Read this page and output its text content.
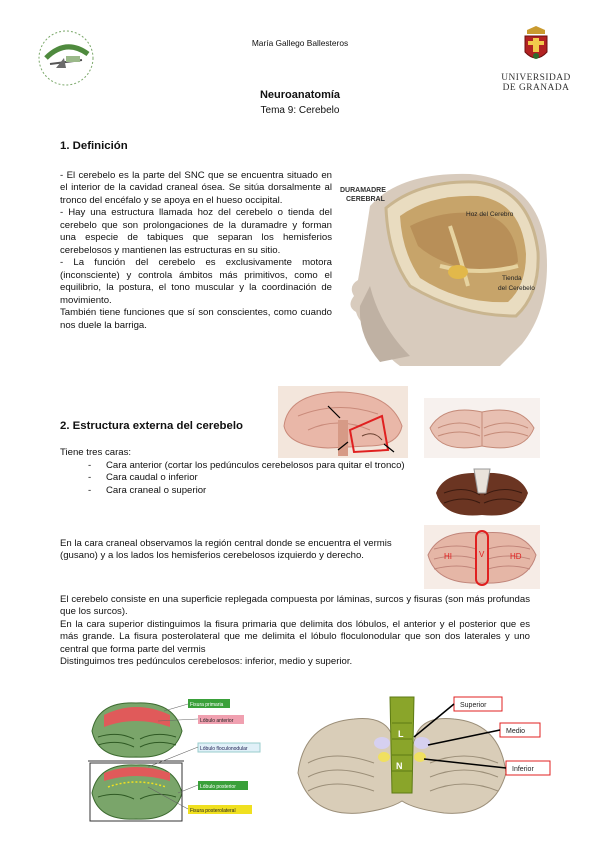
María Gallego Ballesteros
UNIVERSIDAD
DE GRANADA
Neuroanatomía
Tema 9: Cerebelo
1. Definición

- El cerebelo es la parte del SNC que se encuentra situado en el interior de la cavidad craneal ósea. Se sitúa dorsalmente al tronco del encéfalo y se apoya en el hueso occipital.

- Hay una estructura llamada hoz del cerebelo o tienda del cerebelo que son prolongaciones de la duramadre y forman una especie de tabiques que separan los hemisferios cerebelosos y mantienen las estructuras en su sitio.

- La función del cerebelo es exclusivamente motora (inconsciente) y controla ámbitos más primitivos, como el equilibrio, la postura, el tono muscular y la coordinación de movimiento.

También tiene funciones que sí son conscientes, como cuando nos duele la barriga.

DURAMADRE
CEREBRAL
Hoz del Cerebro
Tienda
del Cerebelo
2. Estructura externa del cerebelo
HI	V	HD
Tiene tres caras:
- Cara anterior (cortar los pedúnculos cerebelosos para quitar el tronco)
- Cara caudal o inferior
- Cara craneal o superior
En la cara craneal observamos la región central donde se encuentra el vermis (gusano) y a los lados los hemisferios cerebelosos izquierdo y derecho.

El cerebelo consiste en una superficie replegada compuesta por láminas, surcos y fisuras (son más profundas que los surcos).

En la cara superior distinguimos la fisura primaria que delimita dos lóbulos, el anterior y el posterior que es más grande. La fisura posterolateral que me delimita el lóbulo floculonodular que son dos laterales y uno central que forma parte del vermis

Distinguimos tres pedúnculos cerebelosos: inferior, medio y superior.

Fisura primaria
Lóbulo anterior
Lóbulo floculonodular
Lóbulo posterior
Fisura posterolateral
L
N
Superior
Medio
Inferior
